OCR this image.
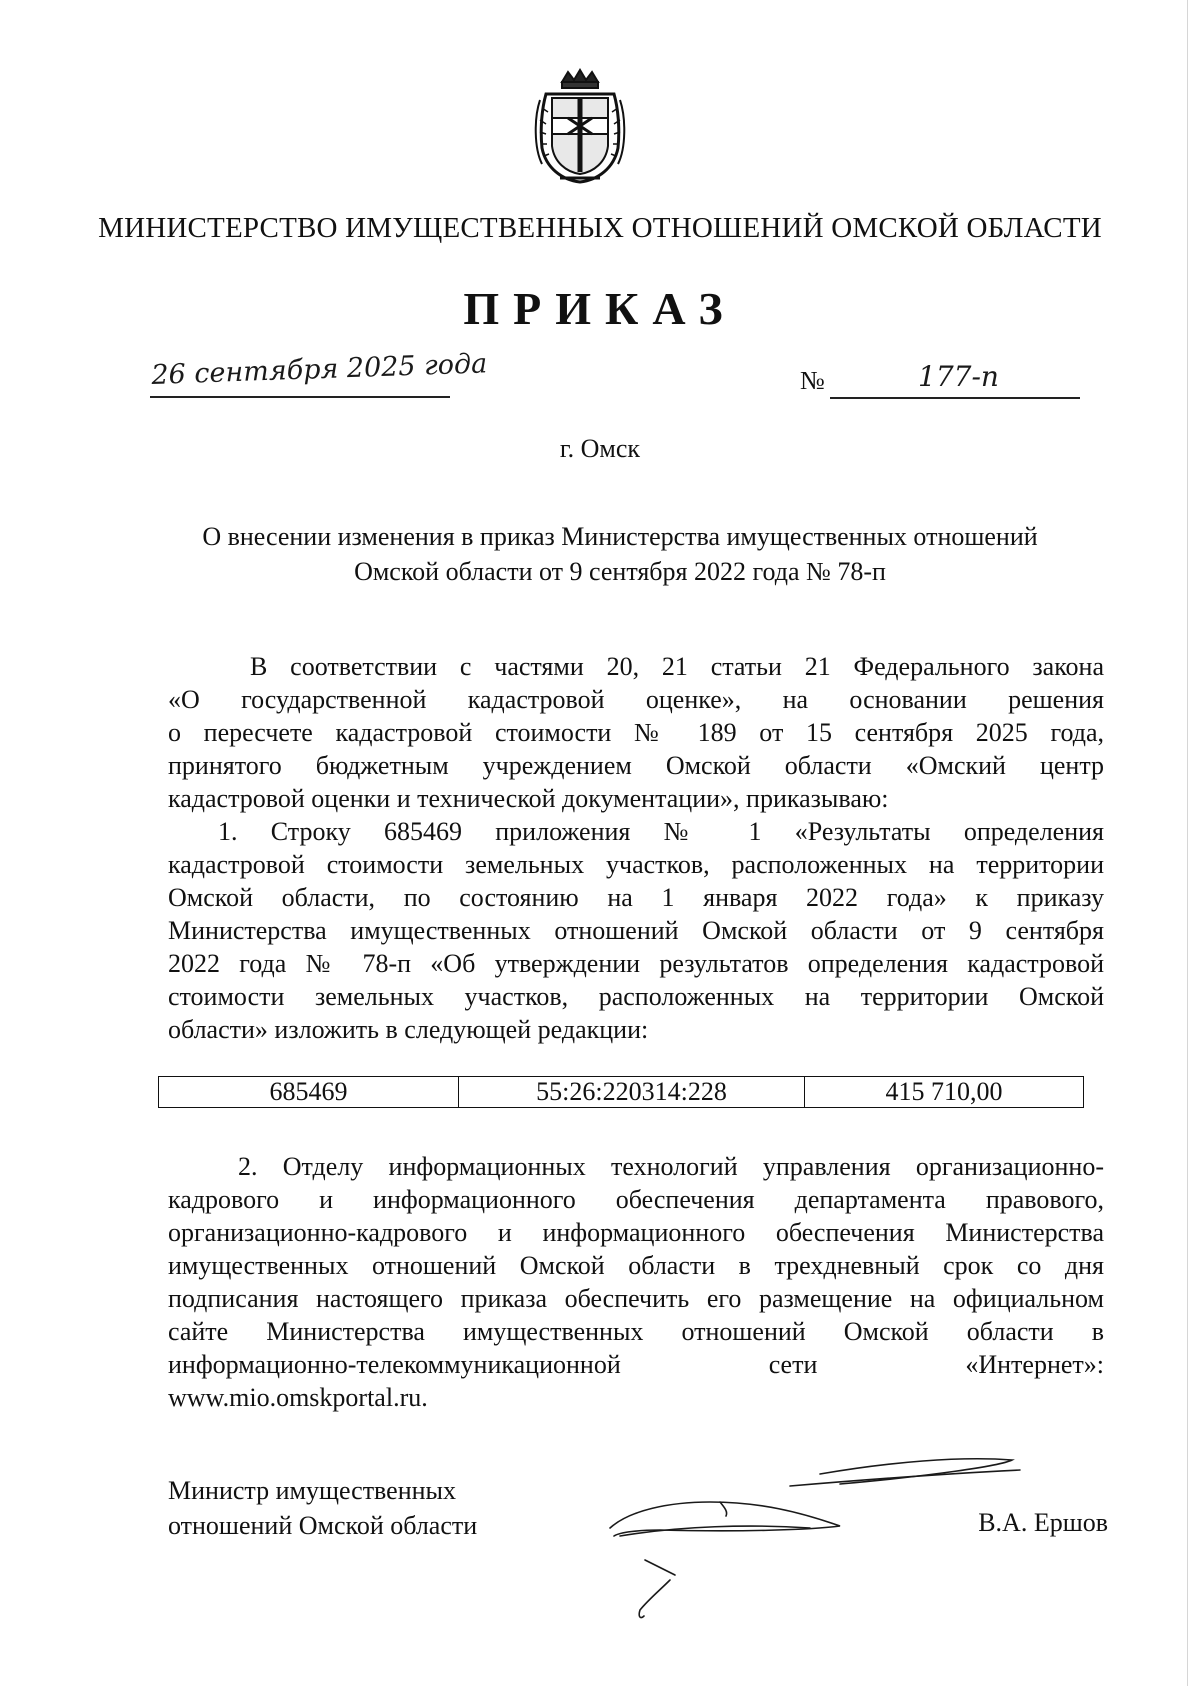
МИНИСТЕРСТВО ИМУЩЕСТВЕННЫХ ОТНОШЕНИЙ ОМСКОЙ ОБЛАСТИ
ПРИКАЗ
26 сентября 2025 года	№	177-п
г. Омск
О внесении изменения в приказ Министерства имущественных отношений
Омской области от 9 сентября 2022 года № 78-п
В соответствии с частями 20, 21 статьи 21 Федерального закона
«О государственной кадастровой оценке», на основании решения
о пересчете кадастровой стоимости № 189 от 15 сентября 2025 года,
принятого бюджетным учреждением Омской области «Омский центр
кадастровой оценки и технической документации», приказываю:
1. Строку 685469 приложения № 1 «Результаты определения
кадастровой стоимости земельных участков, расположенных на территории
Омской области, по состоянию на 1 января 2022 года» к приказу
Министерства имущественных отношений Омской области от 9 сентября
2022 года № 78-п «Об утверждении результатов определения кадастровой
стоимости земельных участков, расположенных на территории Омской
области» изложить в следующей редакции:
685469	55:26:220314:228	415 710,00
2. Отделу информационных технологий управления организационно-
кадрового и информационного обеспечения департамента правового,
организационно-кадрового и информационного обеспечения Министерства
имущественных отношений Омской области в трехдневный срок со дня
подписания настоящего приказа обеспечить его размещение на официальном
сайте Министерства имущественных отношений Омской области в
информационно-телекоммуникационной сети «Интернет»:
www.mio.omskportal.ru.
Министр имущественных
отношений Омской области	В.А. Ершов
